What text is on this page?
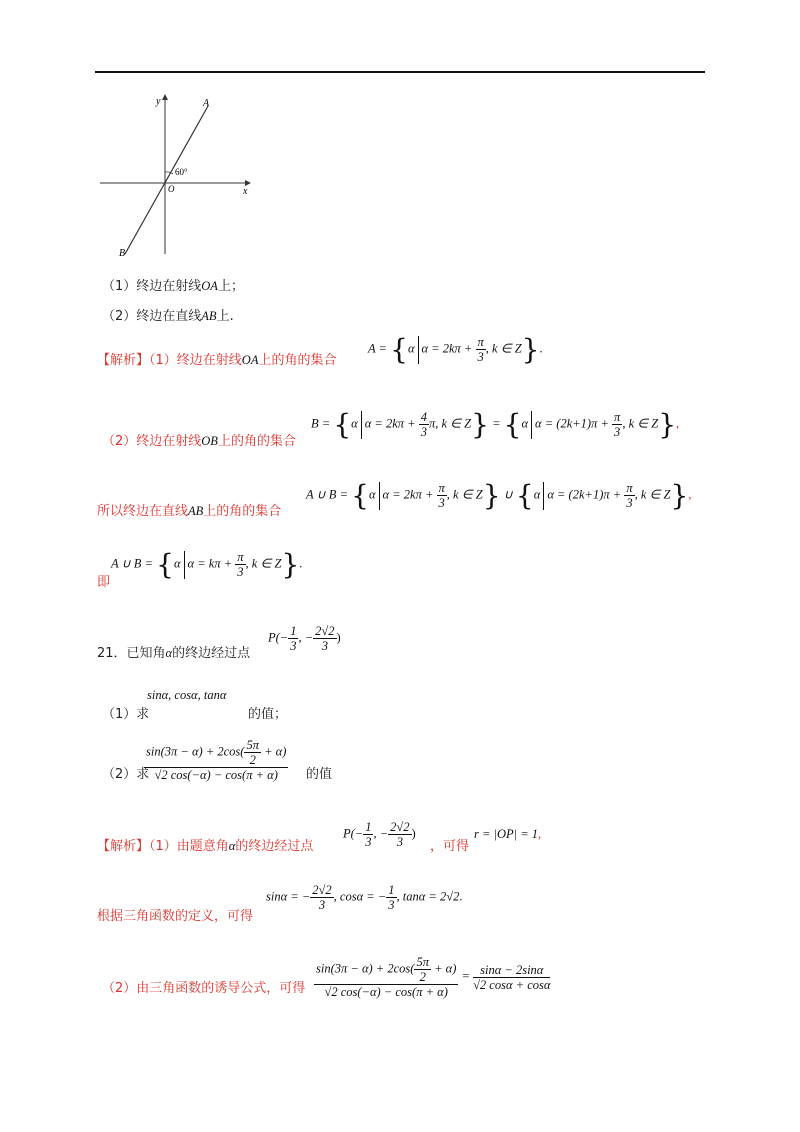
y
x
A
B
O
60°
（1）终边在射线OA上；
（2）终边在直线AB上.
【解析】（1）终边在射线OA上的角的集合
A = {α $\alpha = 2k\pi + \frac{\pi}{3}$ , k ∈ Z}.
（2）终边在射线OB上的角的集合
B = {α $\alpha = 2k\pi + \frac{4}{3} \pi$, k ∈ Z} = {α $\alpha = (2k+1)\pi + \frac{\pi}{3}$ , k ∈ Z},
所以终边在直线AB上的角的集合
A ∪ B = {α $\alpha = 2k\pi + \frac{\pi}{3}$ , k ∈ Z} ∪ {α $\alpha = (2k+1)\pi + \frac{\pi}{3}$ , k ∈ Z},
即
A ∪ B = {α $\alpha = k\pi + \frac{\pi}{3}$ , k ∈ Z}.
21．已知角α的终边经过点
$P(- \frac{1}{3}$ , − $\frac{2√2}{3}$ )
（1）求
sinα, cosα, tanα
的值；
（2）求
$\frac{\sin(3\pi - \alpha) + 2\cos( \frac{5\pi}{2} + \alpha)}{√2 \cos(-\alpha) - \cos(\pi + \alpha)}$ 的值
【解析】（1）由题意角α的终边经过点
$P(- \frac{1}{3}$ , − $\frac{2√2}{3}$ )
，可得
r = |OP| = 1,
根据三角函数的定义，可得
sinα = − $\frac{2√2}{3}$ , cosα = − $\frac{1}{3}$ , tanα = 2√2.
（2）由三角函数的诱导公式，可得 $\frac{\sin(3\pi - \alpha) + 2\cos( \frac{5\pi}{2} + \alpha)}{√2 \cos(-\alpha) - \cos(\pi + \alpha)} = \frac{\sin\alpha - 2\sin\alpha}{√2 \cos\alpha + \cos\alpha}$
